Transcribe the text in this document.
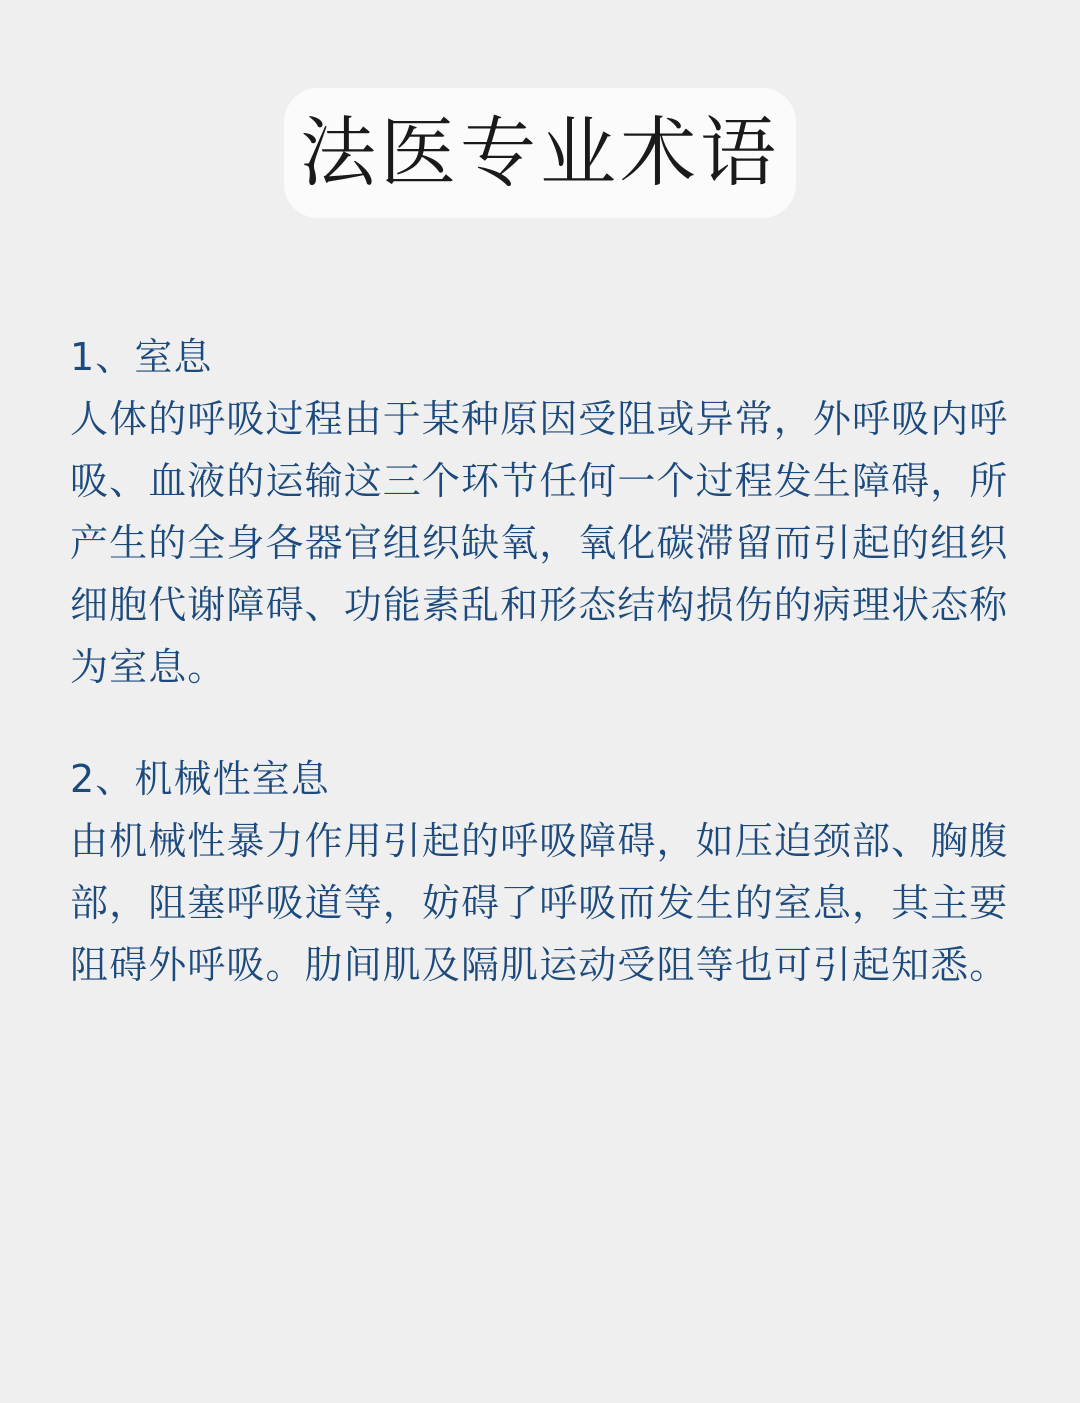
法医专业术语

1、室息

人体的呼吸过程由于某种原因受阻或异常，外呼吸内呼吸、血液的运输这三个环节任何一个过程发生障碍，所产生的全身各器官组织缺氧，氧化碳滞留而引起的组织细胞代谢障碍、功能素乱和形态结构损伤的病理状态称为室息。

2、机械性室息

由机械性暴力作用引起的呼吸障碍，如压迫颈部、胸腹部，阻塞呼吸道等，妨碍了呼吸而发生的室息，其主要阻碍外呼吸。肋间肌及隔肌运动受阻等也可引起知悉。
